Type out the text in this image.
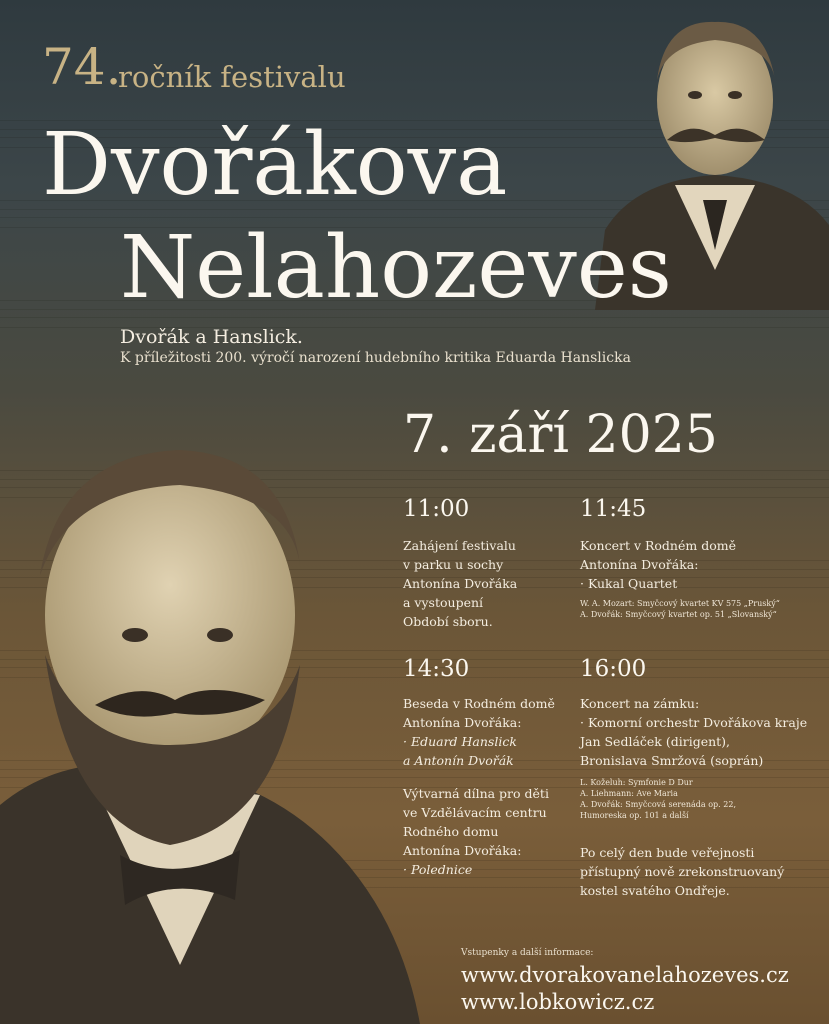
74.
ročník festivalu
Dvořákova
Nelahozeves
Dvořák a Hanslick.
K příležitosti 200. výročí narození hudebního kritika Eduarda Hanslicka
7. září 2025
11:00
Zahájení festivalu
v parku u sochy
Antonína Dvořáka
a vystoupení
Období sboru.
11:45
Koncert v Rodném domě
Antonína Dvořáka:
· Kukal Quartet
W. A. Mozart: Smyčcový kvartet KV 575 „Pruský“
A. Dvořák: Smyčcový kvartet op. 51 „Slovanský“
14:30
Beseda v Rodném domě
Antonína Dvořáka:
· Eduard Hanslick
a Antonín Dvořák
Výtvarná dílna pro děti
ve Vzdělávacím centru
Rodného domu
Antonína Dvořáka:
· Polednice
16:00
Koncert na zámku:
· Komorní orchestr Dvořákova kraje
Jan Sedláček (dirigent),
Bronislava Smržová (soprán)
L. Koželuh: Symfonie D Dur
A. Liehmann: Ave Maria
A. Dvořák: Smyčcová serenáda op. 22,
Humoreska op. 101 a další
Po celý den bude veřejnosti
přístupný nově zrekonstruovaný
kostel svatého Ondřeje.
Vstupenky a další informace:
www.dvorakovanelahozeves.cz
www.lobkowicz.cz
